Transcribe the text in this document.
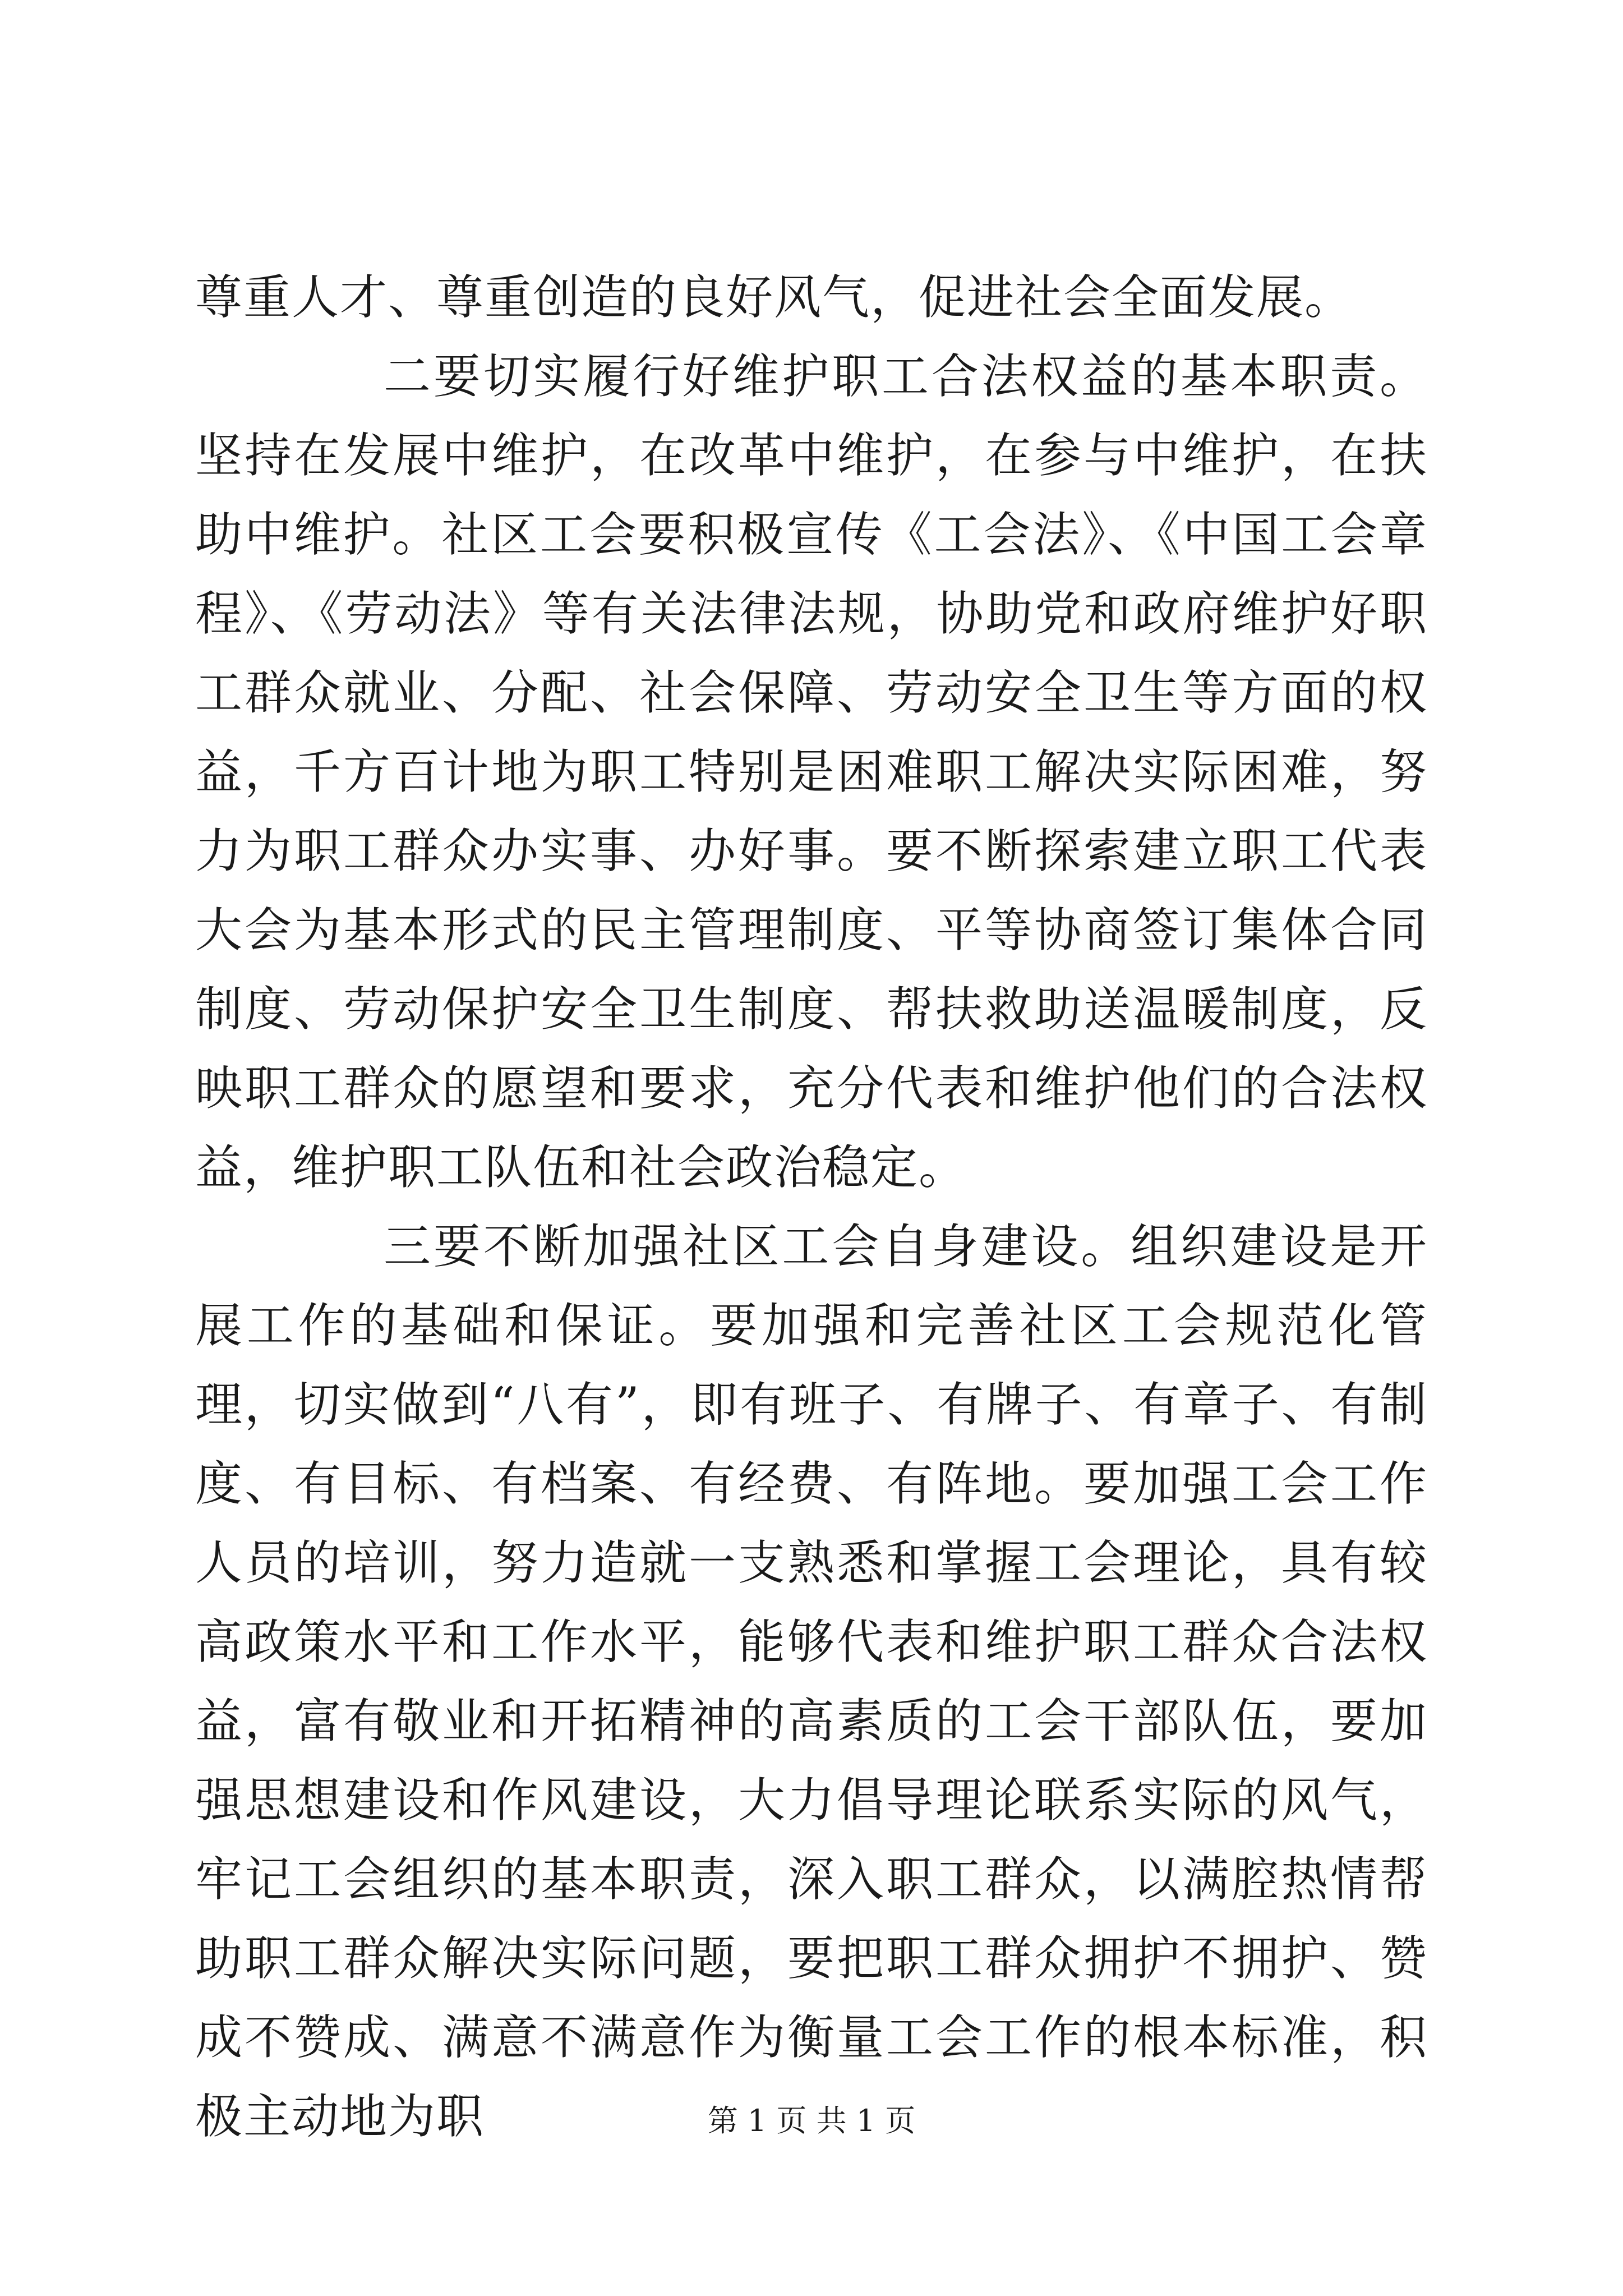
尊重人才、尊重创造的良好风气，促进社会全面发展。

二要切实履行好维护职工合法权益的基本职责。坚持在发展中维护，在改革中维护，在参与中维护，在扶助中维护。社区工会要积极宣传《工会法》、《中国工会章程》、《劳动法》等有关法律法规，协助党和政府维护好职工群众就业、分配、社会保障、劳动安全卫生等方面的权益，千方百计地为职工特别是困难职工解决实际困难，努力为职工群众办实事、办好事。要不断探索建立职工代表大会为基本形式的民主管理制度、平等协商签订集体合同制度、劳动保护安全卫生制度、帮扶救助送温暖制度，反映职工群众的愿望和要求，充分代表和维护他们的合法权益，维护职工队伍和社会政治稳定。

三要不断加强社区工会自身建设。组织建设是开展工作的基础和保证。要加强和完善社区工会规范化管理，切实做到“八有”，即有班子、有牌子、有章子、有制度、有目标、有档案、有经费、有阵地。要加强工会工作人员的培训，努力造就一支熟悉和掌握工会理论，具有较高政策水平和工作水平，能够代表和维护职工群众合法权益，富有敬业和开拓精神的高素质的工会干部队伍，要加强思想建设和作风建设，大力倡导理论联系实际的风气，牢记工会组织的基本职责，深入职工群众，以满腔热情帮助职工群众解决实际问题，要把职工群众拥护不拥护、赞成不赞成、满意不满意作为衡量工会工作的根本标准，积极主动地为职	第 1 页 共 1 页
